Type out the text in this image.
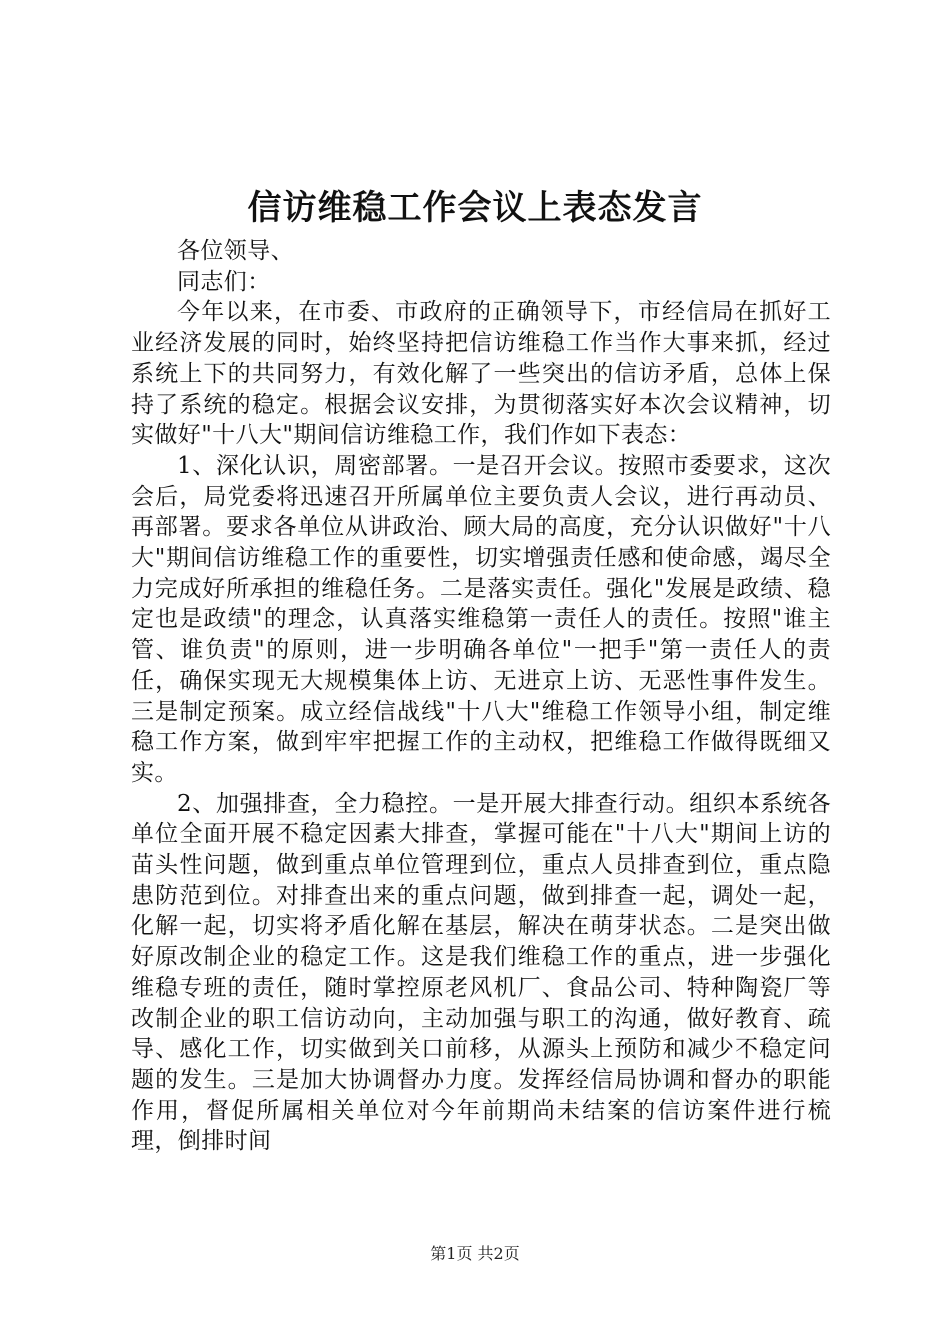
信访维稳工作会议上表态发言

各位领导、

同志们：

今年以来，在市委、市政府的正确领导下，市经信局在抓好工业经济发展的同时，始终坚持把信访维稳工作当作大事来抓，经过系统上下的共同努力，有效化解了一些突出的信访矛盾，总体上保持了系统的稳定。根据会议安排，为贯彻落实好本次会议精神，切实做好"十八大"期间信访维稳工作，我们作如下表态：

1、深化认识，周密部署。一是召开会议。按照市委要求，这次会后，局党委将迅速召开所属单位主要负责人会议，进行再动员、再部署。要求各单位从讲政治、顾大局的高度，充分认识做好"十八大"期间信访维稳工作的重要性，切实增强责任感和使命感，竭尽全力完成好所承担的维稳任务。二是落实责任。强化"发展是政绩、稳定也是政绩"的理念，认真落实维稳第一责任人的责任。按照"谁主管、谁负责"的原则，进一步明确各单位"一把手"第一责任人的责任，确保实现无大规模集体上访、无进京上访、无恶性事件发生。三是制定预案。成立经信战线"十八大"维稳工作领导小组，制定维稳工作方案，做到牢牢把握工作的主动权，把维稳工作做得既细又实。

2、加强排查，全力稳控。一是开展大排查行动。组织本系统各单位全面开展不稳定因素大排查，掌握可能在"十八大"期间上访的苗头性问题，做到重点单位管理到位，重点人员排查到位，重点隐患防范到位。对排查出来的重点问题，做到排查一起，调处一起，化解一起，切实将矛盾化解在基层，解决在萌芽状态。二是突出做好原改制企业的稳定工作。这是我们维稳工作的重点，进一步强化维稳专班的责任，随时掌控原老风机厂、食品公司、特种陶瓷厂等改制企业的职工信访动向，主动加强与职工的沟通，做好教育、疏导、感化工作，切实做到关口前移，从源头上预防和减少不稳定问题的发生。三是加大协调督办力度。发挥经信局协调和督办的职能作用，督促所属相关单位对今年前期尚未结案的信访案件进行梳理，倒排时间

第1页 共2页
